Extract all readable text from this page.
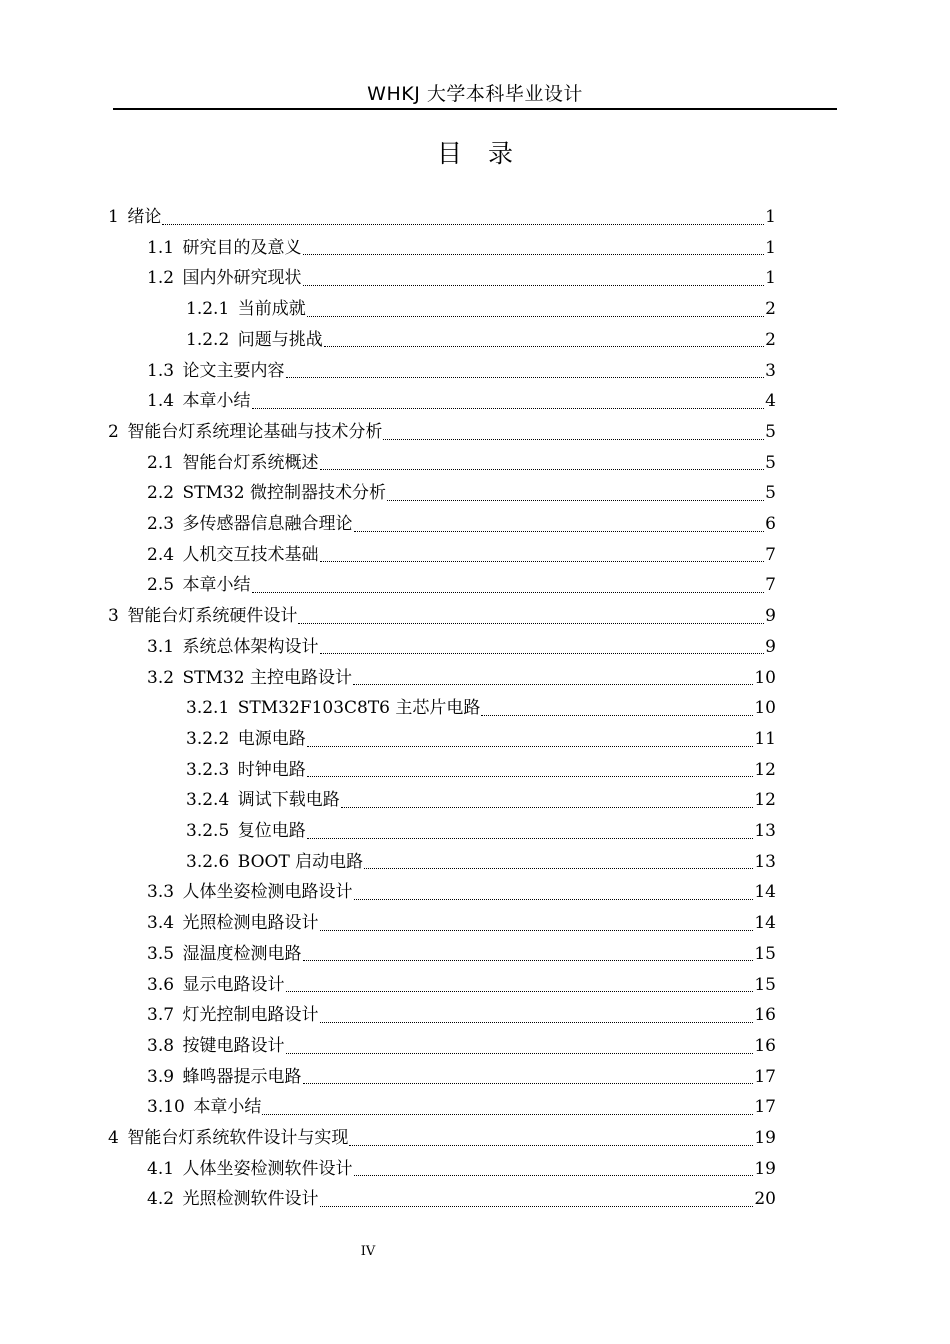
WHKJ 大学本科毕业设计
目录
1 绪论	1
1.1 研究目的及意义	1
1.2 国内外研究现状	1
1.2.1 当前成就	2
1.2.2 问题与挑战	2
1.3 论文主要内容	3
1.4 本章小结	4
2 智能台灯系统理论基础与技术分析	5
2.1 智能台灯系统概述	5
2.2 STM32 微控制器技术分析	5
2.3 多传感器信息融合理论	6
2.4 人机交互技术基础	7
2.5 本章小结	7
3 智能台灯系统硬件设计	9
3.1 系统总体架构设计	9
3.2 STM32 主控电路设计	10
3.2.1 STM32F103C8T6 主芯片电路	10
3.2.2 电源电路	11
3.2.3 时钟电路	12
3.2.4 调试下载电路	12
3.2.5 复位电路	13
3.2.6 BOOT 启动电路	13
3.3 人体坐姿检测电路设计	14
3.4 光照检测电路设计	14
3.5 湿温度检测电路	15
3.6 显示电路设计	15
3.7 灯光控制电路设计	16
3.8 按键电路设计	16
3.9 蜂鸣器提示电路	17
3.10 本章小结	17
4 智能台灯系统软件设计与实现	19
4.1 人体坐姿检测软件设计	19
4.2 光照检测软件设计	20
IV
